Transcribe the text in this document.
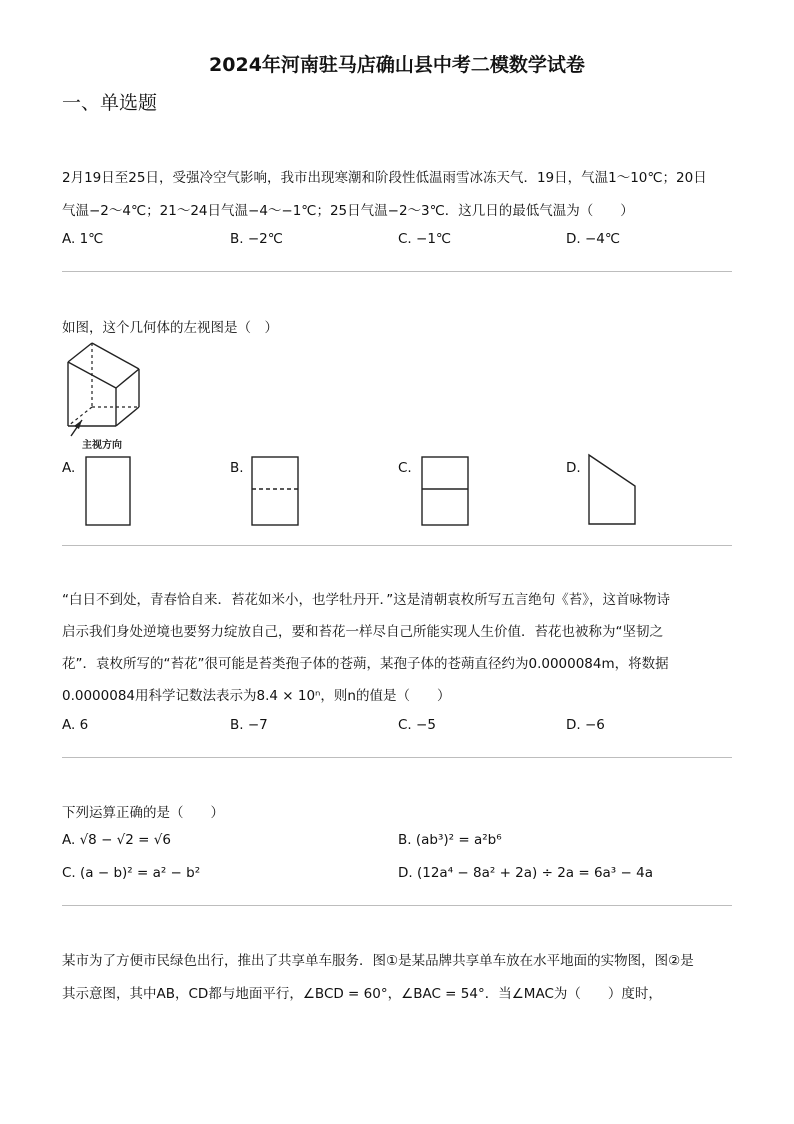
2024年河南驻马店确山县中考二模数学试卷
一、单选题
2月19日至25日，受强冷空气影响，我市出现寒潮和阶段性低温雨雪冰冻天气．19日，气温1～10℃；20日
气温−2～4℃；21～24日气温−4～−1℃；25日气温−2～3℃．这几日的最低气温为（　　）
A. 1℃	B. −2℃	C. −1℃	D. −4℃
如图，这个几何体的左视图是（　）
主视方向
A.	B.	C.	D.
“白日不到处，青春恰自来．苔花如米小，也学牡丹开．”这是清朝袁枚所写五言绝句《苔》，这首咏物诗
启示我们身处逆境也要努力绽放自己，要和苔花一样尽自己所能实现人生价值．苔花也被称为“坚韧之
花”．袁枚所写的“苔花”很可能是苔类孢子体的苍蒴，某孢子体的苍蒴直径约为0.0000084m，将数据
0.0000084用科学记数法表示为8.4 × 10ⁿ，则n的值是（　　）
A. 6	B. −7	C. −5	D. −6
下列运算正确的是（　　）
A. √8 − √2 = √6	B. (ab³)² = a²b⁶
C. (a − b)² = a² − b²	D. (12a⁴ − 8a² + 2a) ÷ 2a = 6a³ − 4a
某市为了方便市民绿色出行，推出了共享单车服务．图①是某品牌共享单车放在水平地面的实物图，图②是
其示意图，其中AB，CD都与地面平行，∠BCD = 60°，∠BAC = 54°．当∠MAC为（　　）度时，
